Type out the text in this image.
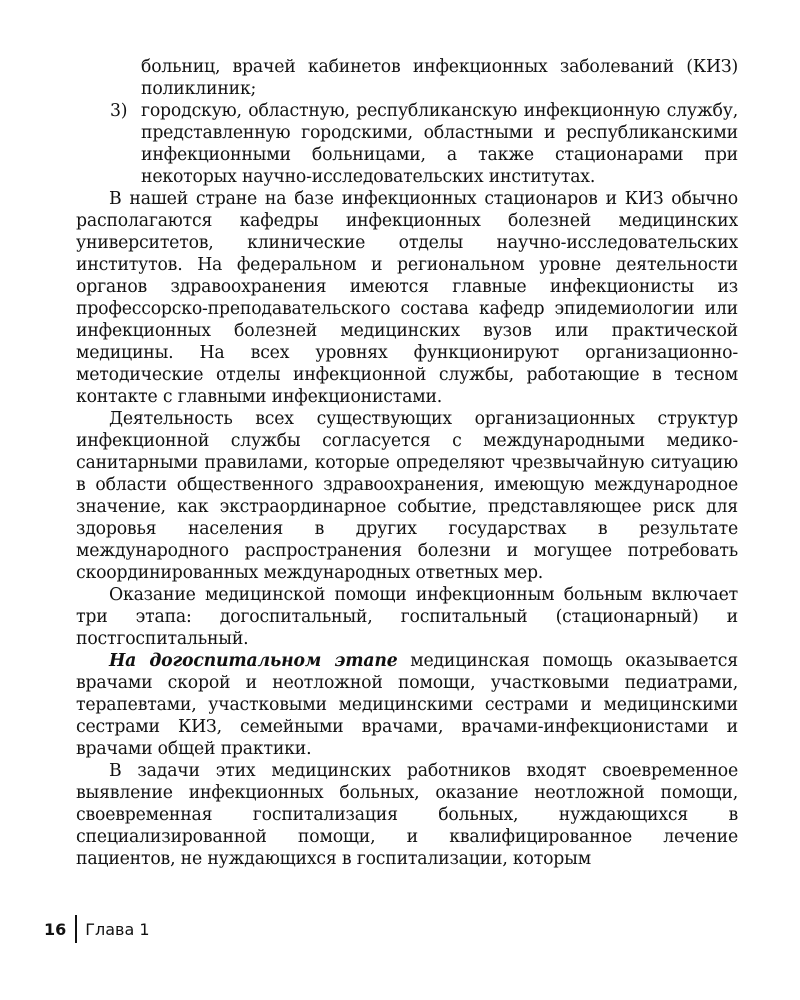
больниц, врачей кабинетов инфекционных заболеваний (КИЗ) поликлиник;
3) городскую, областную, республиканскую инфекционную службу, представленную городскими, областными и республиканскими инфекционными больницами, а также стационарами при некоторых научно-исследовательских институтах.

В нашей стране на базе инфекционных стационаров и КИЗ обычно располагаются кафедры инфекционных болезней медицинских университетов, клинические отделы научно-исследовательских институтов. На федеральном и региональном уровне деятельности органов здравоохранения имеются главные инфекционисты из профессорско-преподавательского состава кафедр эпидемиологии или инфекционных болезней медицинских вузов или практической медицины. На всех уровнях функционируют организационно-методические отделы инфекционной службы, работающие в тесном контакте с главными инфекционистами.

Деятельность всех существующих организационных структур инфекционной службы согласуется с международными медико-санитарными правилами, которые определяют чрезвычайную ситуацию в области общественного здравоохранения, имеющую международное значение, как экстраординарное событие, представляющее риск для здоровья населения в других государствах в результате международного распространения болезни и могущее потребовать скоординированных международных ответных мер.

Оказание медицинской помощи инфекционным больным включает три этапа: догоспитальный, госпитальный (стационарный) и постгоспитальный.

На догоспитальном этапе медицинская помощь оказывается врачами скорой и неотложной помощи, участковыми педиатрами, терапевтами, участковыми медицинскими сестрами и медицинскими сестрами КИЗ, семейными врачами, врачами-инфекционистами и врачами общей практики.

В задачи этих медицинских работников входят своевременное выявление инфекционных больных, оказание неотложной помощи, своевременная госпитализация больных, нуждающихся в специализированной помощи, и квалифицированное лечение пациентов, не нуждающихся в госпитализации, которым

16 Глава 1
